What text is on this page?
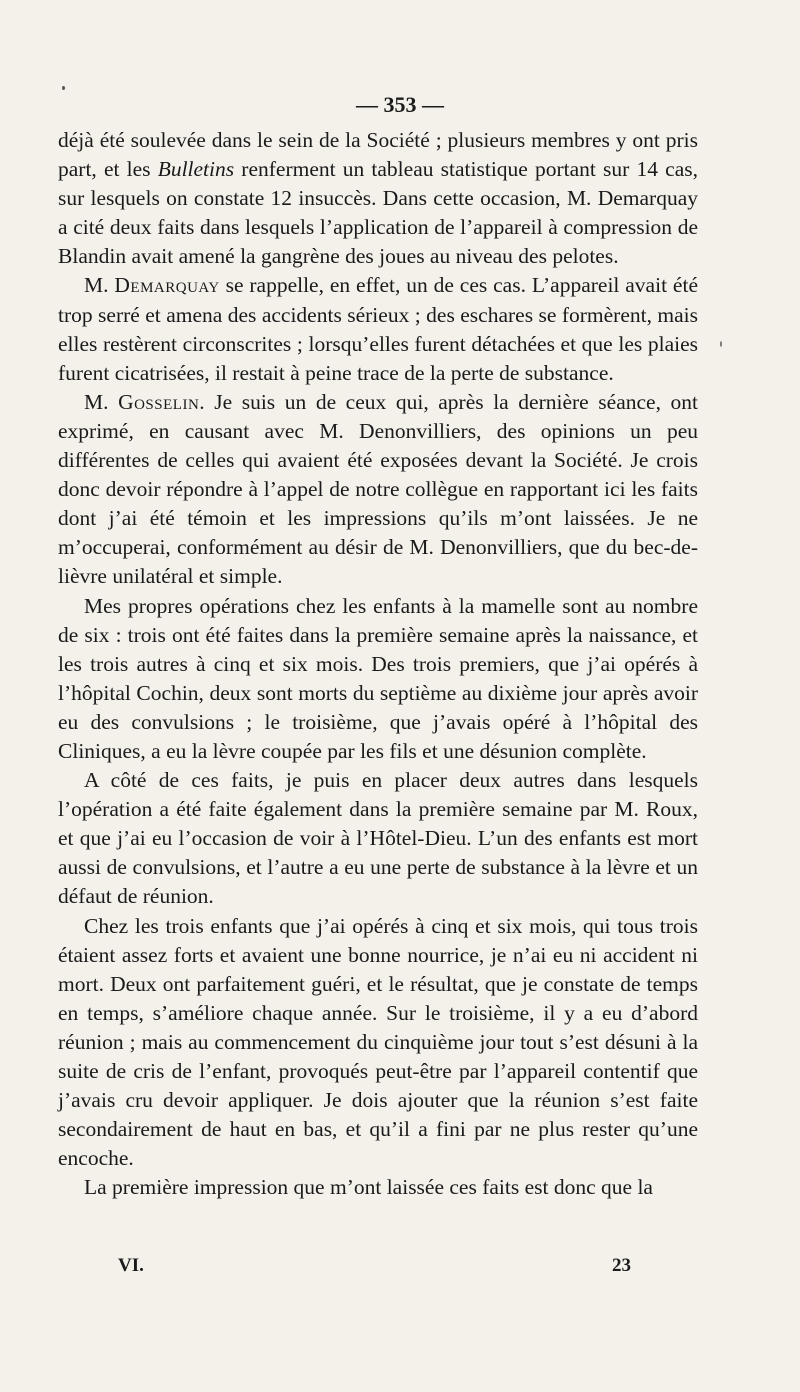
— 353 —

déjà été soulevée dans le sein de la Société ; plusieurs membres y ont pris part, et les Bulletins renferment un tableau statistique portant sur 14 cas, sur lesquels on constate 12 insuccès. Dans cette occasion, M. Demarquay a cité deux faits dans lesquels l’application de l’appareil à compression de Blandin avait amené la gangrène des joues au niveau des pelotes.

M. Demarquay se rappelle, en effet, un de ces cas. L’appareil avait été trop serré et amena des accidents sérieux ; des eschares se formèrent, mais elles restèrent circonscrites ; lorsqu’elles furent détachées et que les plaies furent cicatrisées, il restait à peine trace de la perte de substance.

M. Gosselin. Je suis un de ceux qui, après la dernière séance, ont exprimé, en causant avec M. Denonvilliers, des opinions un peu différentes de celles qui avaient été exposées devant la Société. Je crois donc devoir répondre à l’appel de notre collègue en rapportant ici les faits dont j’ai été témoin et les impressions qu’ils m’ont laissées. Je ne m’occuperai, conformément au désir de M. Denonvilliers, que du bec-de-lièvre unilatéral et simple.

Mes propres opérations chez les enfants à la mamelle sont au nombre de six : trois ont été faites dans la première semaine après la naissance, et les trois autres à cinq et six mois. Des trois premiers, que j’ai opérés à l’hôpital Cochin, deux sont morts du septième au dixième jour après avoir eu des convulsions ; le troisième, que j’avais opéré à l’hôpital des Cliniques, a eu la lèvre coupée par les fils et une désunion complète.

A côté de ces faits, je puis en placer deux autres dans lesquels l’opération a été faite également dans la première semaine par M. Roux, et que j’ai eu l’occasion de voir à l’Hôtel-Dieu. L’un des enfants est mort aussi de convulsions, et l’autre a eu une perte de substance à la lèvre et un défaut de réunion.

Chez les trois enfants que j’ai opérés à cinq et six mois, qui tous trois étaient assez forts et avaient une bonne nourrice, je n’ai eu ni accident ni mort. Deux ont parfaitement guéri, et le résultat, que je constate de temps en temps, s’améliore chaque année. Sur le troisième, il y a eu d’abord réunion ; mais au commencement du cinquième jour tout s’est désuni à la suite de cris de l’enfant, provoqués peut-être par l’appareil contentif que j’avais cru devoir appliquer. Je dois ajouter que la réunion s’est faite secondairement de haut en bas, et qu’il a fini par ne plus rester qu’une encoche.

La première impression que m’ont laissée ces faits est donc que la

VI.	23
